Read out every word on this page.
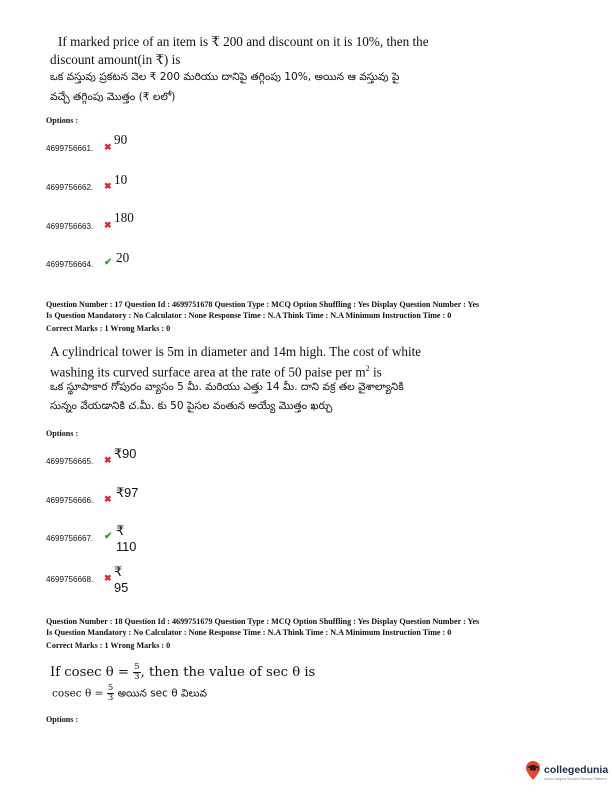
If marked price of an item is ₹ 200 and discount on it is 10%, then the
discount amount(in ₹) is
ఒక వస్తువు ప్రకటన వెల ₹ 200 మరియు దానిపై తగ్గింపు 10%, అయిన ఆ వస్తువు పై
వచ్చే తగ్గింపు మొత్తం (₹ లలో)
Options :
4699756661. ✖ 90
4699756662. ✖ 10
4699756663. ✖ 180
4699756664. ✔ 20
Question Number : 17 Question Id : 4699751678 Question Type : MCQ Option Shuffling : Yes Display Question Number : Yes
Is Question Mandatory : No Calculator : None Response Time : N.A Think Time : N.A Minimum Instruction Time : 0
Correct Marks : 1 Wrong Marks : 0
A cylindrical tower is 5m in diameter and 14m high. The cost of white
washing its curved surface area at the rate of 50 paise per $m^2$ is
ఒక స్థూపాకార గోపురం వ్యాసం 5 మీ. మరియు ఎత్తు 14 మీ. దాని వక్ర తల వైశాల్యానికి
సున్నం వేయడానికి చ.మీ. కు 50 పైసల వంతున అయ్యే మొత్తం ఖర్చు
Options :
4699756665. ✖ ₹90
4699756666. ✖ ₹97
4699756667. ✔ ₹ 110
4699756668. ✖ ₹ 95
Question Number : 18 Question Id : 4699751679 Question Type : MCQ Option Shuffling : Yes Display Question Number : Yes
Is Question Mandatory : No Calculator : None Response Time : N.A Think Time : N.A Minimum Instruction Time : 0
Correct Marks : 1 Wrong Marks : 0
If cosec $\theta = \frac{5}{3}$ , then the value of sec θ is
cosec $\theta = \frac{5}{3}$ అయిన sec θ విలువ
Options :
collegedunia
India's largest Student Review Platform
